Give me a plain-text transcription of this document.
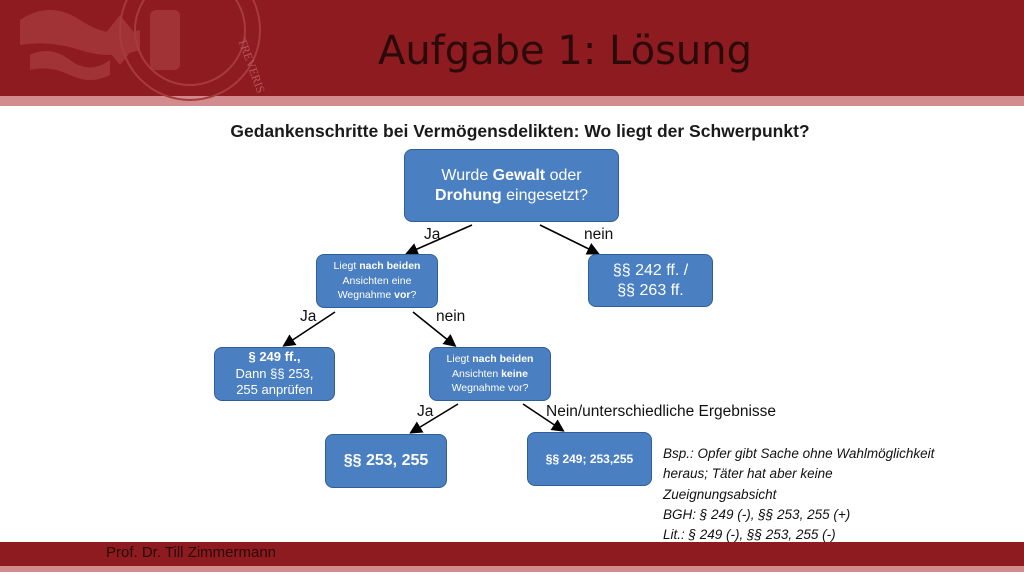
TREVERIS	Aufgabe 1: Lösung
Gedankenschritte bei Vermögensdelikten: Wo liegt der Schwerpunkt?
Wurde Gewalt oder
Drohung eingesetzt?
Ja	nein
Liegt nach beiden
Ansichten eine
Wegnahme vor?
§§ 242 ff. /
§§ 263 ff.
Ja	nein
§ 249 ff.,
Dann §§ 253,
255 anprüfen
Liegt nach beiden
Ansichten keine
Wegnahme vor?
Ja	Nein/unterschiedliche Ergebnisse
§§ 253, 255	§§ 249; 253,255 Bsp.: Opfer gibt Sache ohne Wahlmöglichkeit
heraus; Täter hat aber keine
Zueignungsabsicht
BGH: § 249 (-), §§ 253, 255 (+)
Lit.: § 249 (-), §§ 253, 255 (-)
Prof. Dr. Till Zimmermann
